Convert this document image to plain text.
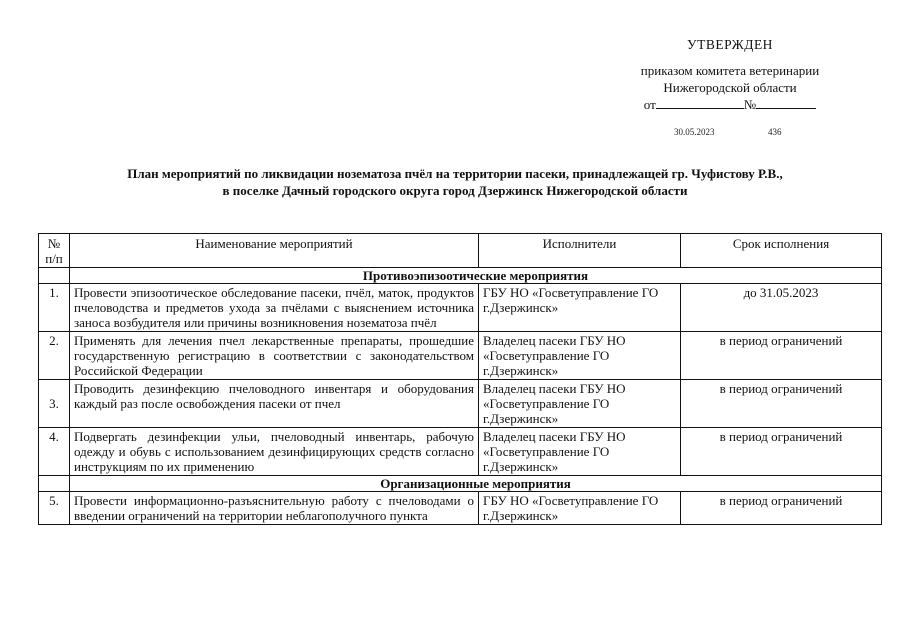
УТВЕРЖДЕН
приказом комитета ветеринарии
Нижегородской области
от	№
30.05.2023	436
План мероприятий по ликвидации нозематоза пчёл на территории пасеки, принадлежащей гр. Чуфистову Р.В.,
в поселке Дачный городского округа город Дзержинск Нижегородской области
№ п/п	Наименование мероприятий	Исполнители	Срок исполнения
	Противоэпизоотические мероприятия		
1.	Провести эпизоотическое обследование пасеки, пчёл, маток, продуктов пчеловодства и предметов ухода за пчёлами с выяснением источника заноса возбудителя или причины возникновения нозематоза пчёл	ГБУ НО «Госветуправление ГО г.Дзержинск»	до 31.05.2023
2.	Применять для лечения пчел лекарственные препараты, прошедшие государственную регистрацию в соответствии с законодательством Российской Федерации	Владелец пасеки ГБУ НО «Госветуправление ГО г.Дзержинск»	в период ограничений
3.	Проводить дезинфекцию пчеловодного инвентаря и оборудования каждый раз после освобождения пасеки от пчел	Владелец пасеки ГБУ НО «Госветуправление ГО г.Дзержинск»	в период ограничений
4.	Подвергать дезинфекции ульи, пчеловодный инвентарь, рабочую одежду и обувь с использованием дезинфицирующих средств согласно инструкциям по их применению	Владелец пасеки ГБУ НО «Госветуправление ГО г.Дзержинск»	в период ограничений
	Организационные мероприятия		
5.	Провести информационно-разъяснительную работу с пчеловодами о введении ограничений на территории неблагополучного пункта	ГБУ НО «Госветуправление ГО г.Дзержинск»	в период ограничений
